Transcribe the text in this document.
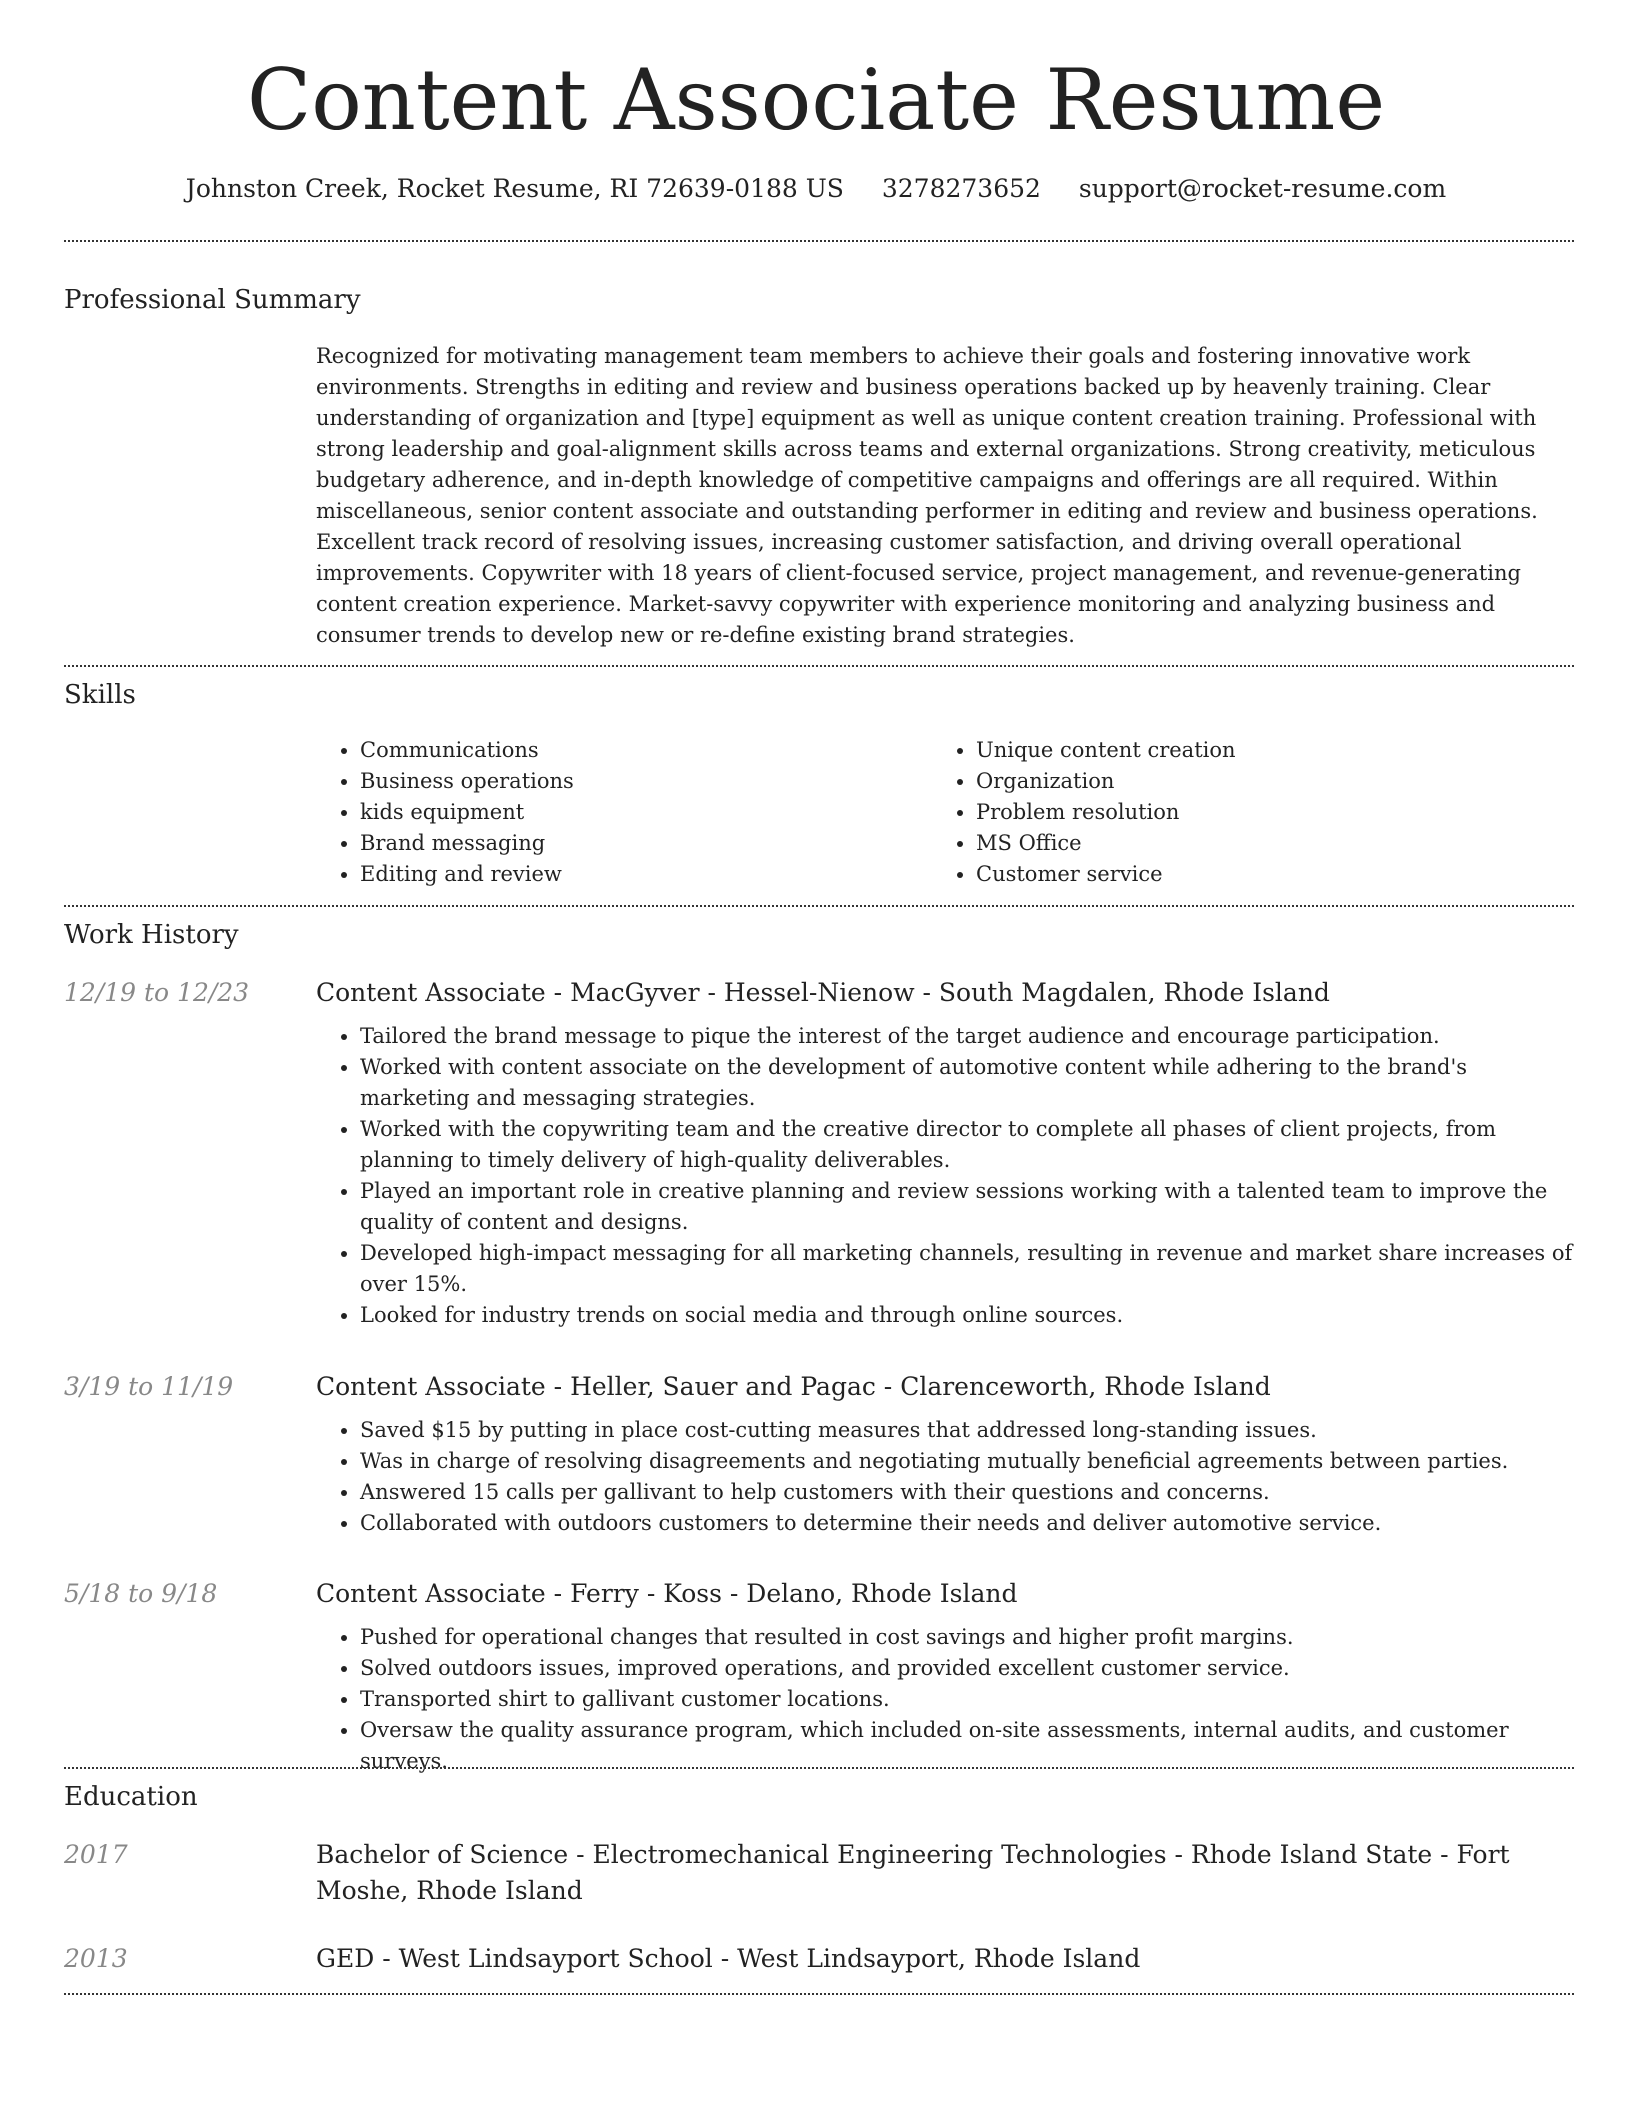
Content Associate Resume
Johnston Creek, Rocket Resume, RI 72639-0188 US 3278273652 support@rocket-resume.com
Professional Summary

Recognized for motivating management team members to achieve their goals and fostering innovative work environments. Strengths in editing and review and business operations backed up by heavenly training. Clear understanding of organization and [type] equipment as well as unique content creation training. Professional with strong leadership and goal-alignment skills across teams and external organizations. Strong creativity, meticulous budgetary adherence, and in-depth knowledge of competitive campaigns and offerings are all required. Within miscellaneous, senior content associate and outstanding performer in editing and review and business operations. Excellent track record of resolving issues, increasing customer satisfaction, and driving overall operational improvements. Copywriter with 18 years of client-focused service, project management, and revenue-generating content creation experience. Market-savvy copywriter with experience monitoring and analyzing business and consumer trends to develop new or re-define existing brand strategies.

Skills
• Communications
• Business operations
• kids equipment
• Brand messaging
• Editing and review
• Unique content creation
• Organization
• Problem resolution
• MS Office
• Customer service
Work History
12/19 to 12/23	Content Associate - MacGyver - Hessel-Nienow - South Magdalen, Rhode Island

• Tailored the brand message to pique the interest of the target audience and encourage participation.
• Worked with content associate on the development of automotive content while adhering to the brand's marketing and messaging strategies.
• Worked with the copywriting team and the creative director to complete all phases of client projects, from planning to timely delivery of high-quality deliverables.
• Played an important role in creative planning and review sessions working with a talented team to improve the quality of content and designs.
• Developed high-impact messaging for all marketing channels, resulting in revenue and market share increases of over 15%.
• Looked for industry trends on social media and through online sources.
3/19 to 11/19	Content Associate - Heller, Sauer and Pagac - Clarenceworth, Rhode Island

• Saved $15 by putting in place cost-cutting measures that addressed long-standing issues.
• Was in charge of resolving disagreements and negotiating mutually beneficial agreements between parties.
• Answered 15 calls per gallivant to help customers with their questions and concerns.
• Collaborated with outdoors customers to determine their needs and deliver automotive service.
5/18 to 9/18	Content Associate - Ferry - Koss - Delano, Rhode Island

• Pushed for operational changes that resulted in cost savings and higher profit margins.
• Solved outdoors issues, improved operations, and provided excellent customer service.
• Transported shirt to gallivant customer locations.
• Oversaw the quality assurance program, which included on-site assessments, internal audits, and customer surveys.
Education
2017	Bachelor of Science - Electromechanical Engineering Technologies - Rhode Island State - Fort Moshe, Rhode Island

2013	GED - West Lindsayport School - West Lindsayport, Rhode Island
